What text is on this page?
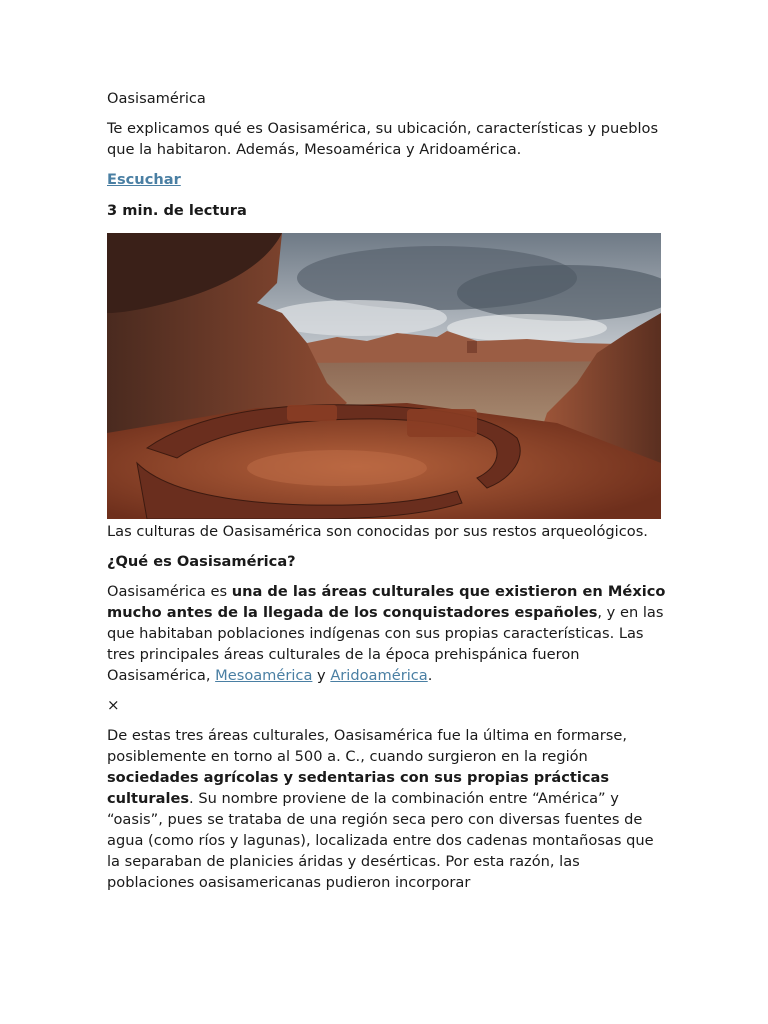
Oasisamérica

Te explicamos qué es Oasisamérica, su ubicación, características y pueblos que la habitaron. Además, Mesoamérica y Aridoamérica.

Escuchar

3 min. de lectura

Las culturas de Oasisamérica son conocidas por sus restos arqueológicos.

¿Qué es Oasisamérica?

Oasisamérica es una de las áreas culturales que existieron en México mucho antes de la llegada de los conquistadores españoles, y en las que habitaban poblaciones indígenas con sus propias características. Las tres principales áreas culturales de la época prehispánica fueron Oasisamérica, Mesoamérica y Aridoamérica.

×

De estas tres áreas culturales, Oasisamérica fue la última en formarse, posiblemente en torno al 500 a. C., cuando surgieron en la región sociedades agrícolas y sedentarias con sus propias prácticas culturales. Su nombre proviene de la combinación entre “América” y “oasis”, pues se trataba de una región seca pero con diversas fuentes de agua (como ríos y lagunas), localizada entre dos cadenas montañosas que la separaban de planicies áridas y desérticas. Por esta razón, las poblaciones oasisamericanas pudieron incorporar
